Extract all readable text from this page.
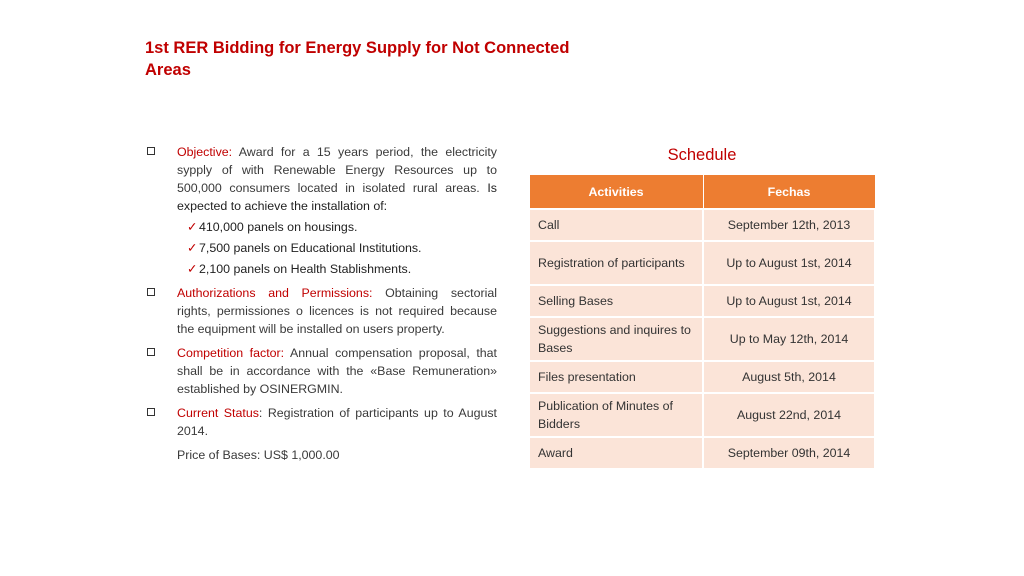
1st RER Bidding for Energy Supply for Not Connected Areas
Objective: Award for a 15 years period, the electricity sypply of with Renewable Energy Resources up to 500,000 consumers located in isolated rural areas. Is expected to achieve the installation of:
✓ 410,000 panels on housings.
✓ 7,500 panels on Educational Institutions.
✓ 2,100 panels on Health Stablishments.
Authorizations and Permissions: Obtaining sectorial rights, permissiones o licences is not required because the equipment will be installed on users property.
Competition factor: Annual compensation proposal, that shall be in accordance with the «Base Remuneration» established by OSINERGMIN.
Current Status: Registration of participants up to August 2014.
Price of Bases: US$ 1,000.00
Schedule
Activities	Fechas
Call	September 12th, 2013
Registration of participants	Up to August 1st, 2014
Selling Bases	Up to August 1st, 2014
Suggestions and inquires to Bases	Up to May 12th, 2014
Files presentation	August 5th, 2014
Publication of Minutes of Bidders	August 22nd, 2014
Award	September 09th, 2014
